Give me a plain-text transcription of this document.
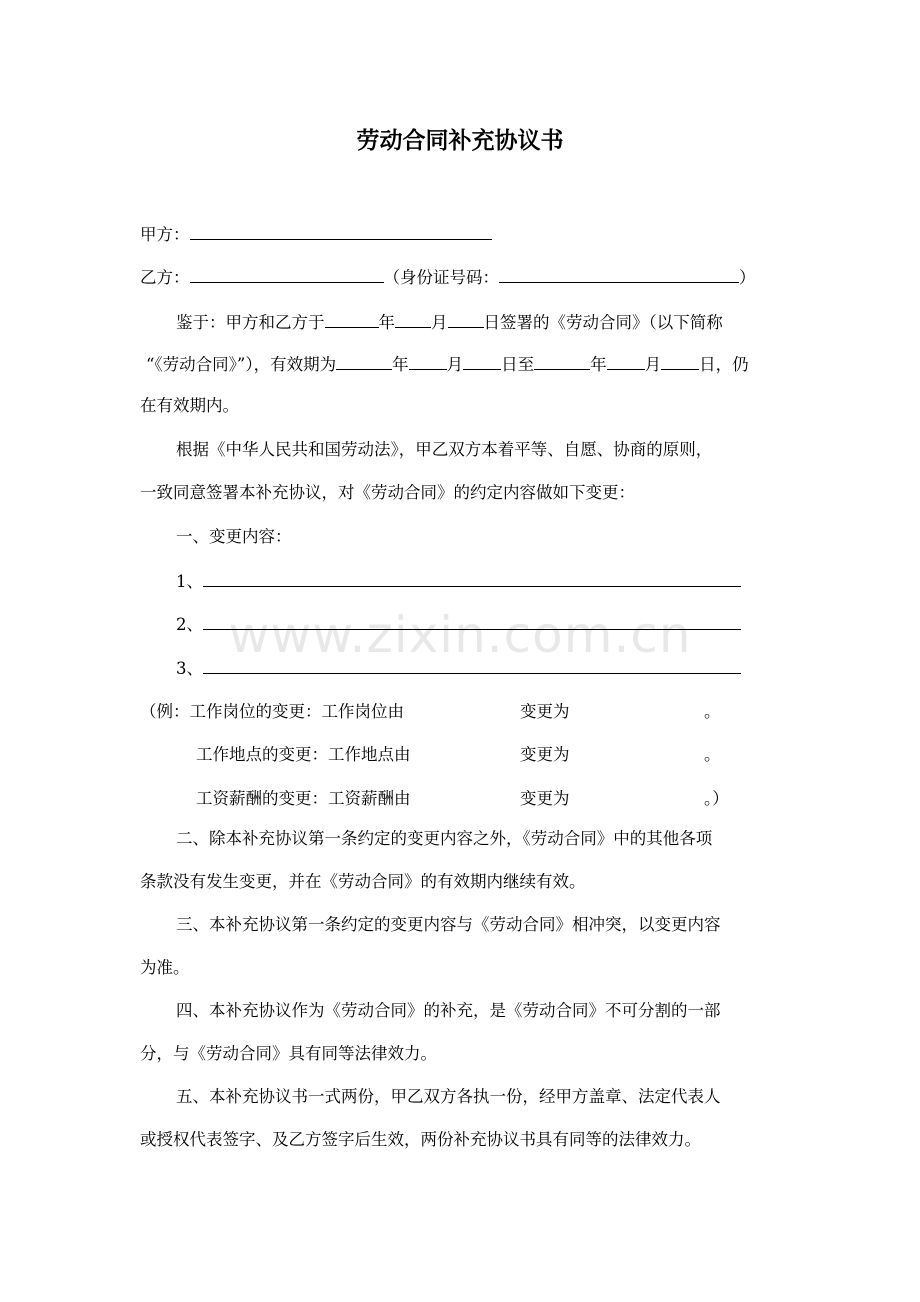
www.zixin.com.cn
劳动合同补充协议书
甲方：
乙方：	（身份证号码：	）
鉴于：甲方和乙方于	年 月 日签署的《劳动合同》（以下简称
“《劳动合同》”），有效期为	年 月 日至	年 月 日，仍
在有效期内。
根据《中华人民共和国劳动法》，甲乙双方本着平等、自愿、协商的原则，
一致同意签署本补充协议，对《劳动合同》的约定内容做如下变更：
一、变更内容：
1、
2、
3、
（例：工作岗位的变更：工作岗位由	变更为	。
工作地点的变更：工作地点由	变更为	。
工资薪酬的变更：工资薪酬由	变更为	。）
二、除本补充协议第一条约定的变更内容之外，《劳动合同》中的其他各项
条款没有发生变更，并在《劳动合同》的有效期内继续有效。
三、本补充协议第一条约定的变更内容与《劳动合同》相冲突，以变更内容
为准。
四、本补充协议作为《劳动合同》的补充，是《劳动合同》不可分割的一部
分，与《劳动合同》具有同等法律效力。
五、本补充协议书一式两份，甲乙双方各执一份，经甲方盖章、法定代表人
或授权代表签字、及乙方签字后生效，两份补充协议书具有同等的法律效力。
